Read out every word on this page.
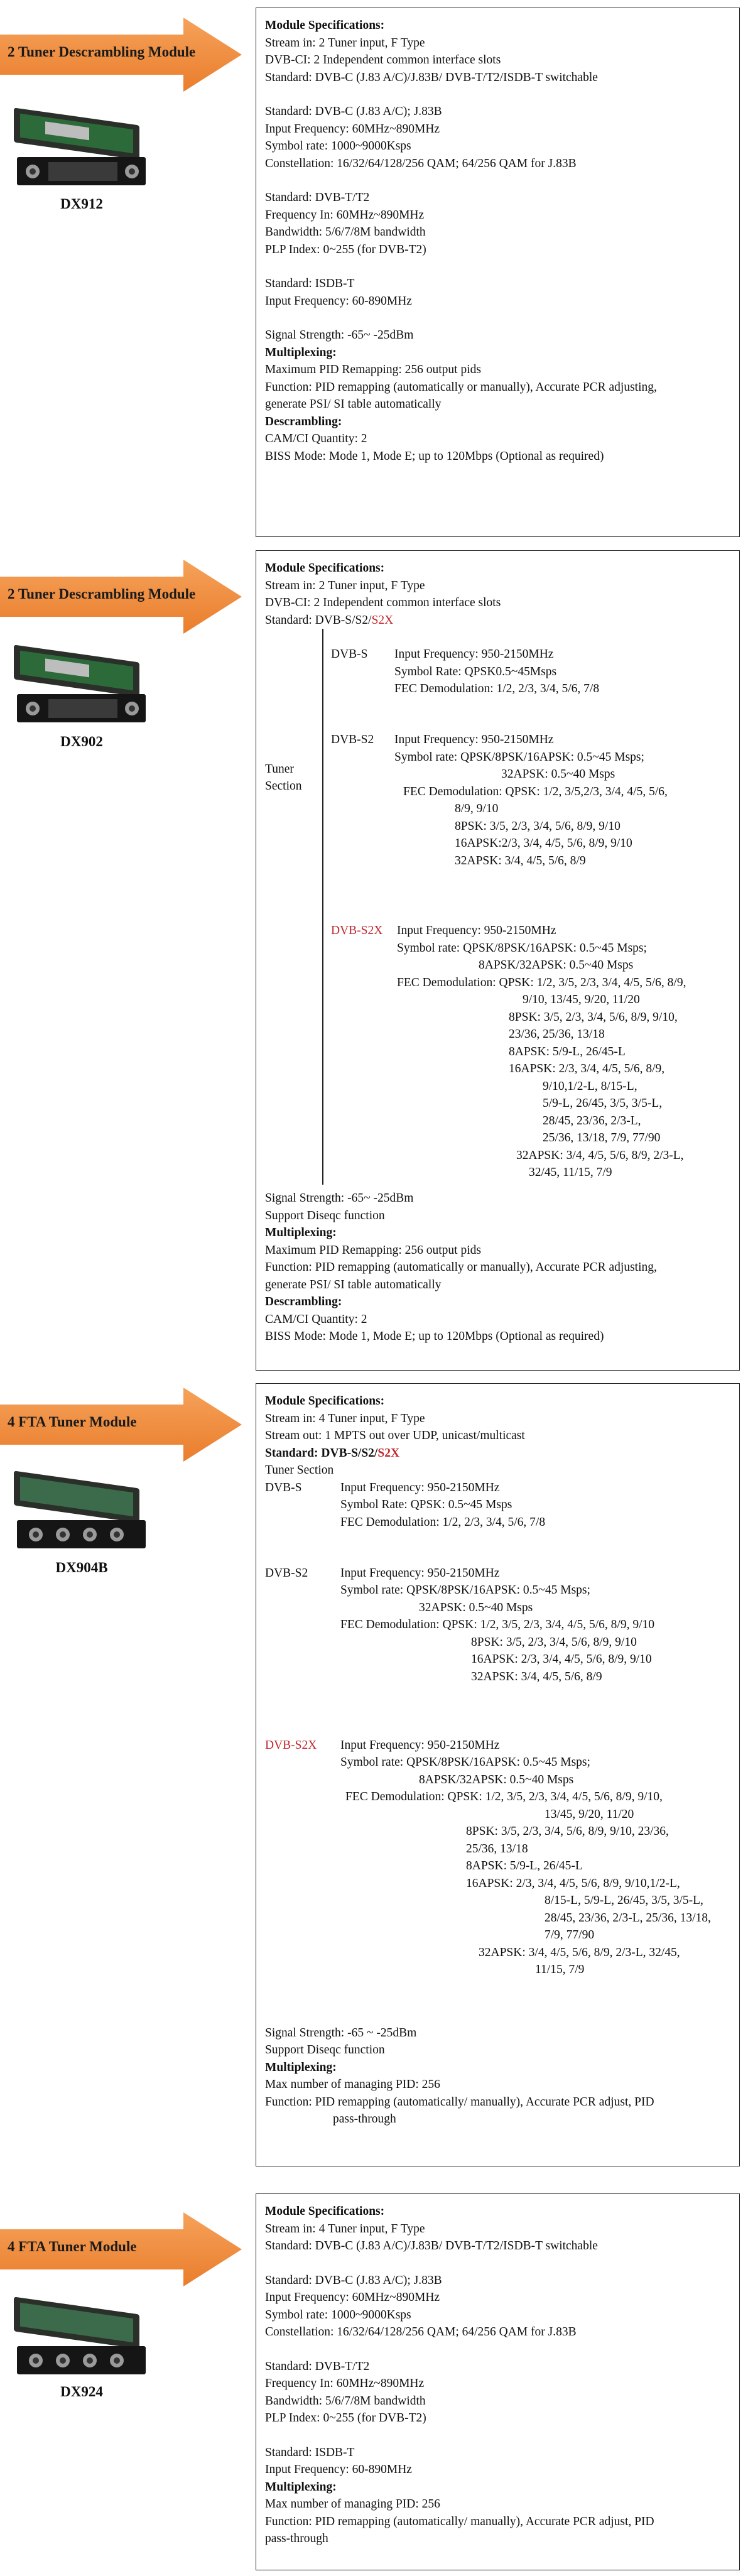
2 Tuner Descrambling Module
DX912
Module Specifications:
Stream in: 2 Tuner input, F Type
DVB-CI: 2 Independent common interface slots
Standard: DVB-C (J.83 A/C)/J.83B/ DVB-T/T2/ISDB-T switchable
Standard: DVB-C (J.83 A/C); J.83B
Input Frequency: 60MHz~890MHz
Symbol rate: 1000~9000Ksps
Constellation: 16/32/64/128/256 QAM; 64/256 QAM for J.83B
Standard: DVB-T/T2
Frequency In: 60MHz~890MHz
Bandwidth: 5/6/7/8M bandwidth
PLP Index: 0~255 (for DVB-T2)
Standard: ISDB-T
Input Frequency: 60-890MHz
Signal Strength: -65~ -25dBm
Multiplexing:
Maximum PID Remapping: 256 output pids
Function: PID remapping (automatically or manually), Accurate PCR adjusting,
generate PSI/ SI table automatically
Descrambling:
CAM/CI Quantity: 2
BISS Mode: Mode 1, Mode E; up to 120Mbps (Optional as required)
2 Tuner Descrambling Module
DX902
Module Specifications:
Stream in: 2 Tuner input, F Type
DVB-CI: 2 Independent common interface slots
Standard: DVB-S/S2/S2X
Tuner
Section
DVB-S Input Frequency: 950-2150MHz
Symbol Rate: QPSK0.5~45Msps
FEC Demodulation: 1/2, 2/3, 3/4, 5/6, 7/8
DVB-S2 Input Frequency: 950-2150MHz
Symbol rate: QPSK/8PSK/16APSK: 0.5~45 Msps;
32APSK: 0.5~40 Msps
FEC Demodulation: QPSK: 1/2, 3/5,2/3, 3/4, 4/5, 5/6,
8/9, 9/10
8PSK: 3/5, 2/3, 3/4, 5/6, 8/9, 9/10
16APSK:2/3, 3/4, 4/5, 5/6, 8/9, 9/10
32APSK: 3/4, 4/5, 5/6, 8/9
DVB-S2X Input Frequency: 950-2150MHz
Symbol rate: QPSK/8PSK/16APSK: 0.5~45 Msps;
8APSK/32APSK: 0.5~40 Msps
FEC Demodulation: QPSK: 1/2, 3/5, 2/3, 3/4, 4/5, 5/6, 8/9,
9/10, 13/45, 9/20, 11/20
8PSK: 3/5, 2/3, 3/4, 5/6, 8/9, 9/10,
23/36, 25/36, 13/18
8APSK: 5/9-L, 26/45-L
16APSK: 2/3, 3/4, 4/5, 5/6, 8/9,
9/10,1/2-L, 8/15-L,
5/9-L, 26/45, 3/5, 3/5-L,
28/45, 23/36, 2/3-L,
25/36, 13/18, 7/9, 77/90
32APSK: 3/4, 4/5, 5/6, 8/9, 2/3-L,
32/45, 11/15, 7/9
Signal Strength: -65~ -25dBm
Support Diseqc function
Multiplexing:
Maximum PID Remapping: 256 output pids
Function: PID remapping (automatically or manually), Accurate PCR adjusting,
generate PSI/ SI table automatically
Descrambling:
CAM/CI Quantity: 2
BISS Mode: Mode 1, Mode E; up to 120Mbps (Optional as required)
4 FTA Tuner Module
DX904B
Module Specifications:
Stream in: 4 Tuner input, F Type
Stream out: 1 MPTS out over UDP, unicast/multicast
Standard: DVB-S/S2/S2X
Tuner Section
DVB-S	Input Frequency: 950-2150MHz
Symbol Rate: QPSK: 0.5~45 Msps
FEC Demodulation: 1/2, 2/3, 3/4, 5/6, 7/8
DVB-S2	Input Frequency: 950-2150MHz
Symbol rate: QPSK/8PSK/16APSK: 0.5~45 Msps;
32APSK: 0.5~40 Msps
FEC Demodulation: QPSK: 1/2, 3/5, 2/3, 3/4, 4/5, 5/6, 8/9, 9/10
8PSK: 3/5, 2/3, 3/4, 5/6, 8/9, 9/10
16APSK: 2/3, 3/4, 4/5, 5/6, 8/9, 9/10
32APSK: 3/4, 4/5, 5/6, 8/9
DVB-S2X Input Frequency: 950-2150MHz
Symbol rate: QPSK/8PSK/16APSK: 0.5~45 Msps;
8APSK/32APSK: 0.5~40 Msps
FEC Demodulation: QPSK: 1/2, 3/5, 2/3, 3/4, 4/5, 5/6, 8/9, 9/10,
13/45, 9/20, 11/20
8PSK: 3/5, 2/3, 3/4, 5/6, 8/9, 9/10, 23/36,
25/36, 13/18
8APSK: 5/9-L, 26/45-L
16APSK: 2/3, 3/4, 4/5, 5/6, 8/9, 9/10,1/2-L,
8/15-L, 5/9-L, 26/45, 3/5, 3/5-L,
28/45, 23/36, 2/3-L, 25/36, 13/18,
7/9, 77/90
32APSK: 3/4, 4/5, 5/6, 8/9, 2/3-L, 32/45,
11/15, 7/9
Signal Strength: -65 ~ -25dBm
Support Diseqc function
Multiplexing:
Max number of managing PID: 256
Function: PID remapping (automatically/ manually), Accurate PCR adjust, PID
pass-through
4 FTA Tuner Module
DX924
Module Specifications:
Stream in: 4 Tuner input, F Type
Standard: DVB-C (J.83 A/C)/J.83B/ DVB-T/T2/ISDB-T switchable
Standard: DVB-C (J.83 A/C); J.83B
Input Frequency: 60MHz~890MHz
Symbol rate: 1000~9000Ksps
Constellation: 16/32/64/128/256 QAM; 64/256 QAM for J.83B
Standard: DVB-T/T2
Frequency In: 60MHz~890MHz
Bandwidth: 5/6/7/8M bandwidth
PLP Index: 0~255 (for DVB-T2)
Standard: ISDB-T
Input Frequency: 60-890MHz
Multiplexing:
Max number of managing PID: 256
Function: PID remapping (automatically/ manually), Accurate PCR adjust, PID
pass-through
